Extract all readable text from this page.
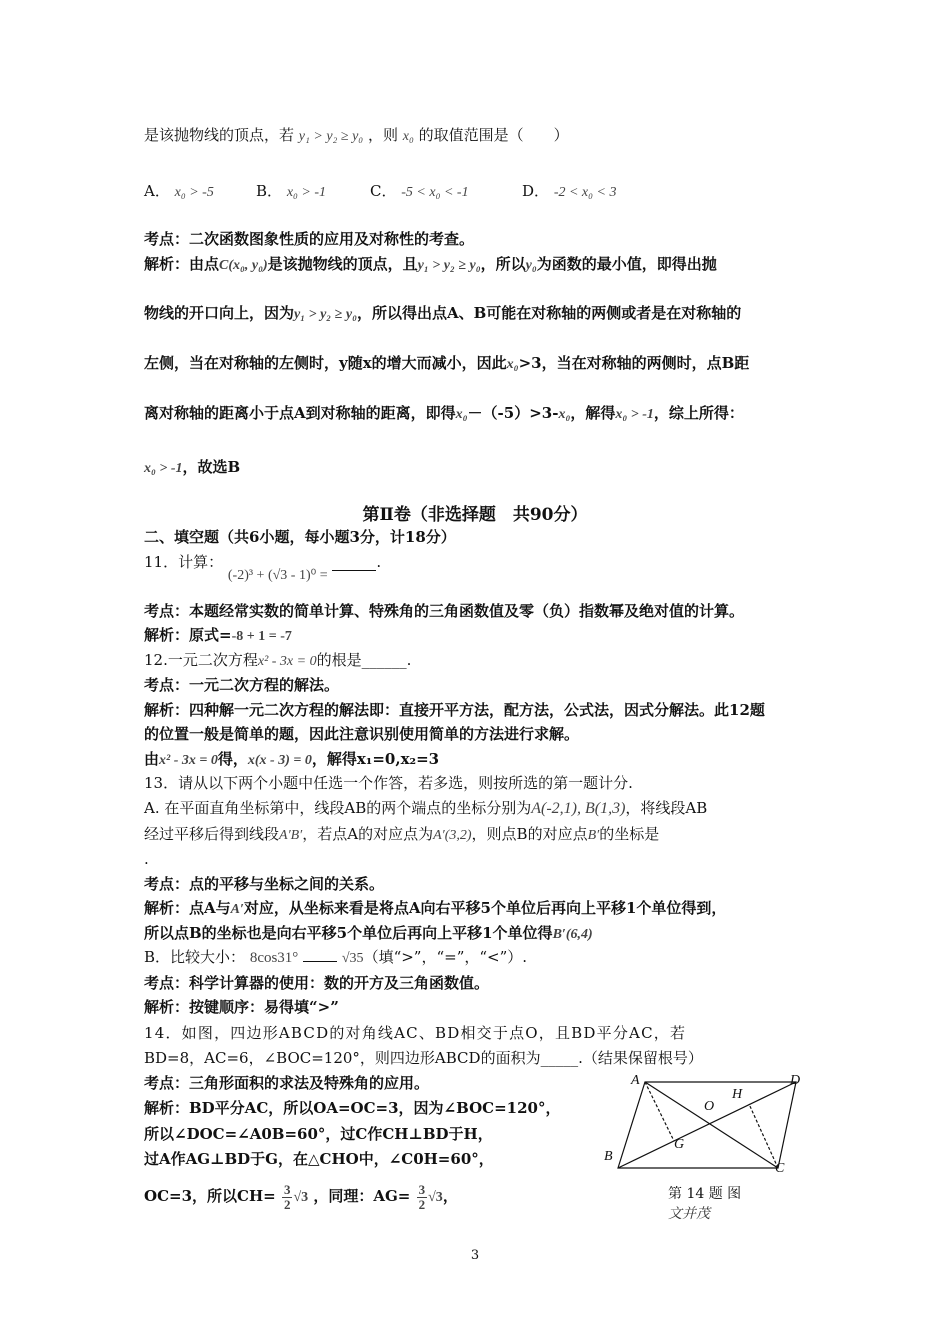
是该抛物线的顶点，若 y₁ > y₂ ≥ y₀ ，则 x₀ 的取值范围是（　　）
A． x₀ > -5	B． x₀ > -1	C． -5 < x₀ < -1	D． -2 < x₀ < 3
考点：二次函数图象性质的应用及对称性的考查。
解析：由点C(x₀, y₀)是该抛物线的顶点，且y₁ > y₂ ≥ y₀，所以y₀为函数的最小值，即得出抛
物线的开口向上，因为y₁ > y₂ ≥ y₀，所以得出点A、B可能在对称轴的两侧或者是在对称轴的
左侧，当在对称轴的左侧时，y随x的增大而减小，因此x₀>3，当在对称轴的两侧时，点B距
离对称轴的距离小于点A到对称轴的距离，即得x₀－（-5）>3-x₀，解得x₀ > -1，综上所得：
x₀ > -1，故选B
第Ⅱ卷（非选择题　共90分）
二、填空题（共6小题，每小题3分，计18分）
11．计算： (-2)³ + (√3 - 1)⁰ = .
考点：本题经常实数的简单计算、特殊角的三角函数值及零（负）指数幂及绝对值的计算。
解析：原式=-8 + 1 = -7
12.一元二次方程x² - 3x = 0的根是______.
考点：一元二次方程的解法。
解析：四种解一元二次方程的解法即：直接开平方法，配方法，公式法，因式分解法。此12题
的位置一般是简单的题，因此注意识别使用简单的方法进行求解。
由x² - 3x = 0得，x(x - 3) = 0，解得x₁=0,x₂=3
13．请从以下两个小题中任选一个作答，若多选，则按所选的第一题计分.
A. 在平面直角坐标第中，线段AB的两个端点的坐标分别为A(-2,1), B(1,3)，将线段AB
经过平移后得到线段A′B′，若点A的对应点为A′(3,2)，则点B的对应点B′的坐标是
.
考点：点的平移与坐标之间的关系。
解析：点A与A′对应，从坐标来看是将点A向右平移5个单位后再向上平移1个单位得到，
所以点B的坐标也是向右平移5个单位后再向上平移1个单位得B′(6,4)
B．比较大小： 8cos31°	√35（填“>”，“=”，“<”）.
考点：科学计算器的使用：数的开方及三角函数值。
解析：按键顺序：易得填“>”
14．如图，四边形ABCD的对角线AC、BD相交于点O，且BD平分AC，若
BD=8，AC=6，∠BOC=120°，则四边形ABCD的面积为_____.（结果保留根号）
考点：三角形面积的求法及特殊角的应用。
解析：BD平分AC，所以OA=OC=3，因为∠BOC=120°，
所以∠DOC=∠A0B=60°，过C作CH⊥BD于H，
过A作AG⊥BD于G，在△CHO中，∠C0H=60°，
OC=3，所以$CH= \frac{3}{2} √3$ ，同理：$AG= \frac{3}{2} √3$，
A	D
H
O
G
B
C
第 14 题 图
文并茂
3
